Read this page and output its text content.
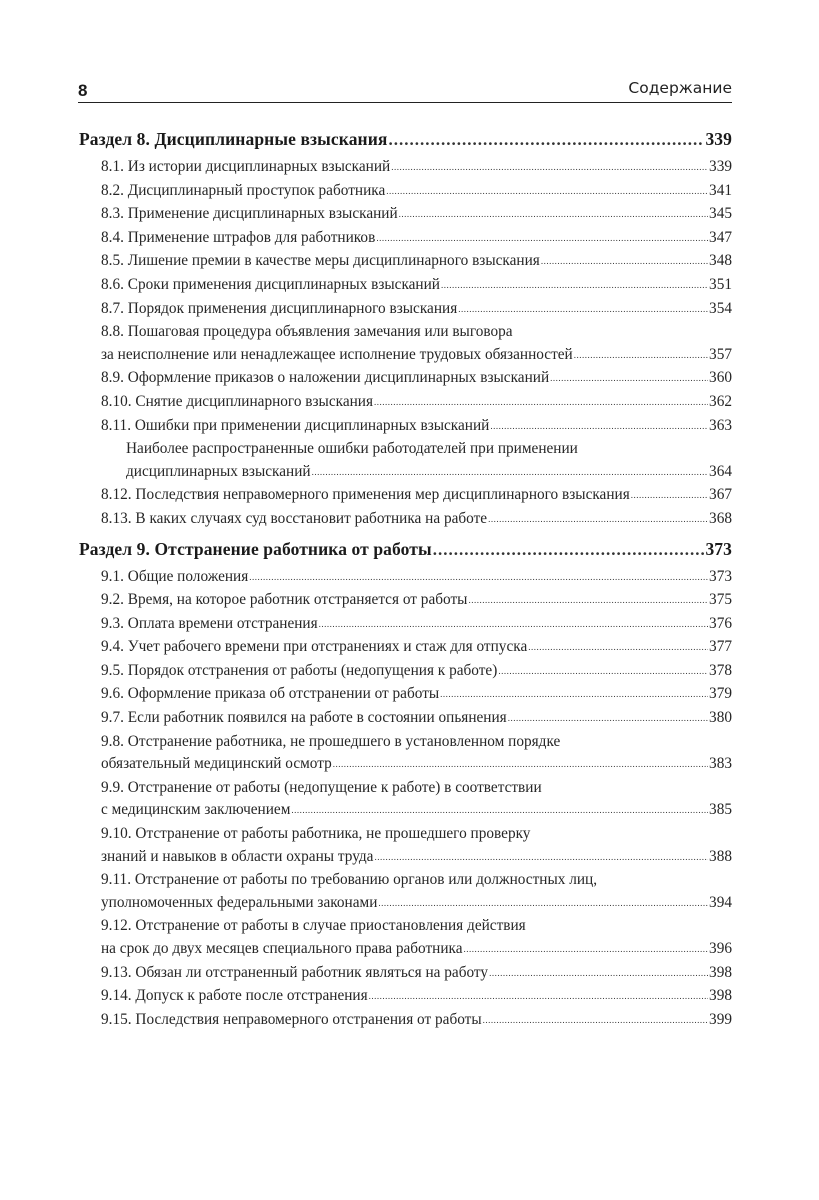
8	Содержание
Раздел 8. Дисциплинарные взыскания .....	339
8.1. Из истории дисциплинарных взысканий .....	339
8.2. Дисциплинарный проступок работника .....	341
8.3. Применение дисциплинарных взысканий .....	345
8.4. Применение штрафов для работников .....	347
8.5. Лишение премии в качестве меры дисциплинарного взыскания .....	348
8.6. Сроки применения дисциплинарных взысканий .....	351
8.7. Порядок применения дисциплинарного взыскания .....	354
8.8. Пошаговая процедура объявления замечания или выговора
за неисполнение или ненадлежащее исполнение трудовых обязанностей .....	357
8.9. Оформление приказов о наложении дисциплинарных взысканий .....	360
8.10. Снятие дисциплинарного взыскания .....	362
8.11. Ошибки при применении дисциплинарных взысканий .....	363
Наиболее распространенные ошибки работодателей при применении
дисциплинарных взысканий .....	364
8.12. Последствия неправомерного применения мер дисциплинарного взыскания .....	367
8.13. В каких случаях суд восстановит работника на работе .....	368
Раздел 9. Отстранение работника от работы .....	373
9.1. Общие положения .....	373
9.2. Время, на которое работник отстраняется от работы .....	375
9.3. Оплата времени отстранения .....	376
9.4. Учет рабочего времени при отстранениях и стаж для отпуска .....	377
9.5. Порядок отстранения от работы (недопущения к работе) .....	378
9.6. Оформление приказа об отстранении от работы .....	379
9.7. Если работник появился на работе в состоянии опьянения .....	380
9.8. Отстранение работника, не прошедшего в установленном порядке
обязательный медицинский осмотр .....	383
9.9. Отстранение от работы (недопущение к работе) в соответствии
с медицинским заключением .....	385
9.10. Отстранение от работы работника, не прошедшего проверку
знаний и навыков в области охраны труда .....	388
9.11. Отстранение от работы по требованию органов или должностных лиц,
уполномоченных федеральными законами .....	394
9.12. Отстранение от работы в случае приостановления действия
на срок до двух месяцев специального права работника .....	396
9.13. Обязан ли отстраненный работник являться на работу .....	398
9.14. Допуск к работе после отстранения .....	398
9.15. Последствия неправомерного отстранения от работы .....	399
